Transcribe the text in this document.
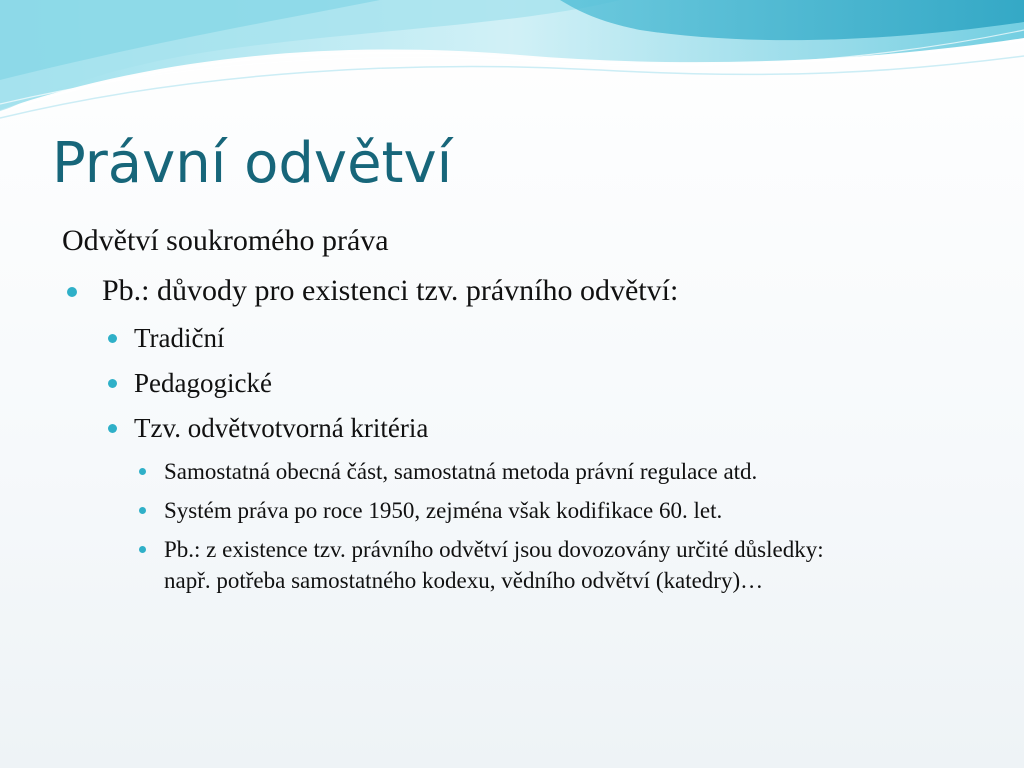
Právní odvětví

Odvětví soukromého práva

Pb.: důvody pro existenci tzv. právního odvětví:
Tradiční
Pedagogické
Tzv. odvětvotvorná kritéria
Samostatná obecná část, samostatná metoda právní regulace atd.
Systém práva po roce 1950, zejména však kodifikace 60. let.
Pb.: z existence tzv. právního odvětví jsou dovozovány určité důsledky: např. potřeba samostatného kodexu, vědního odvětví (katedry)…
